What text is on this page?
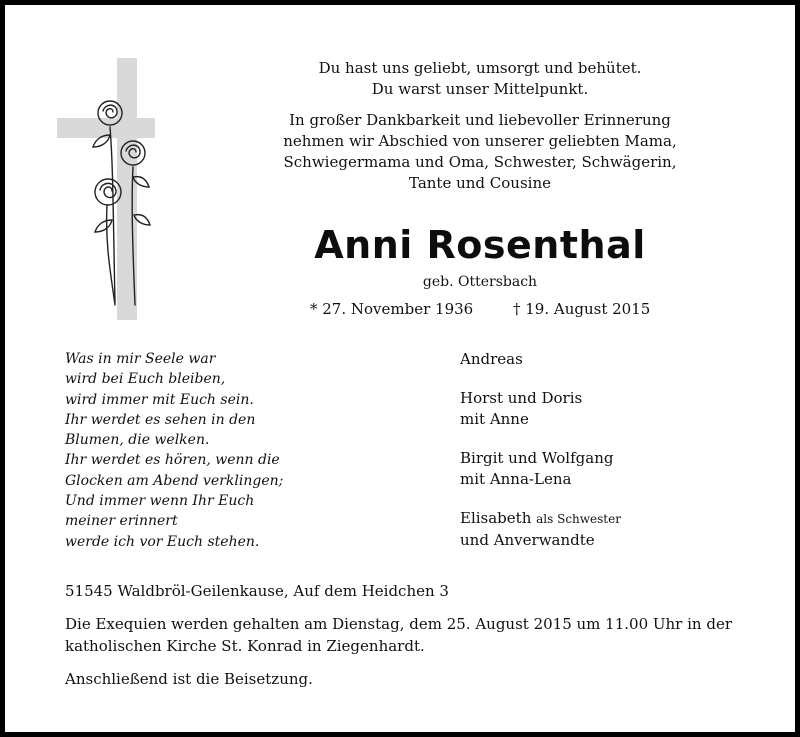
Du hast uns geliebt, umsorgt und behütet.

Du warst unser Mittelpunkt.

In großer Dankbarkeit und liebevoller Erinnerung

nehmen wir Abschied von unserer geliebten Mama,

Schwiegermama und Oma, Schwester, Schwägerin,

Tante und Cousine

Anni Rosenthal
geb. Ottersbach
* 27. November 1936	† 19. August 2015
Was in mir Seele war
wird bei Euch bleiben,
wird immer mit Euch sein.
Ihr werdet es sehen in den
Blumen, die welken.
Ihr werdet es hören, wenn die
Glocken am Abend verklingen;
Und immer wenn Ihr Euch
meiner erinnert
werde ich vor Euch stehen.
Andreas
Horst und Doris
mit Anne
Birgit und Wolfgang
mit Anna-Lena
Elisabeth als Schwester
und Anverwandte
51545 Waldbröl-Geilenkause, Auf dem Heidchen 3
Die Exequien werden gehalten am Dienstag, dem 25. August 2015 um 11.00 Uhr in der
katholischen Kirche St. Konrad in Ziegenhardt.
Anschließend ist die Beisetzung.
